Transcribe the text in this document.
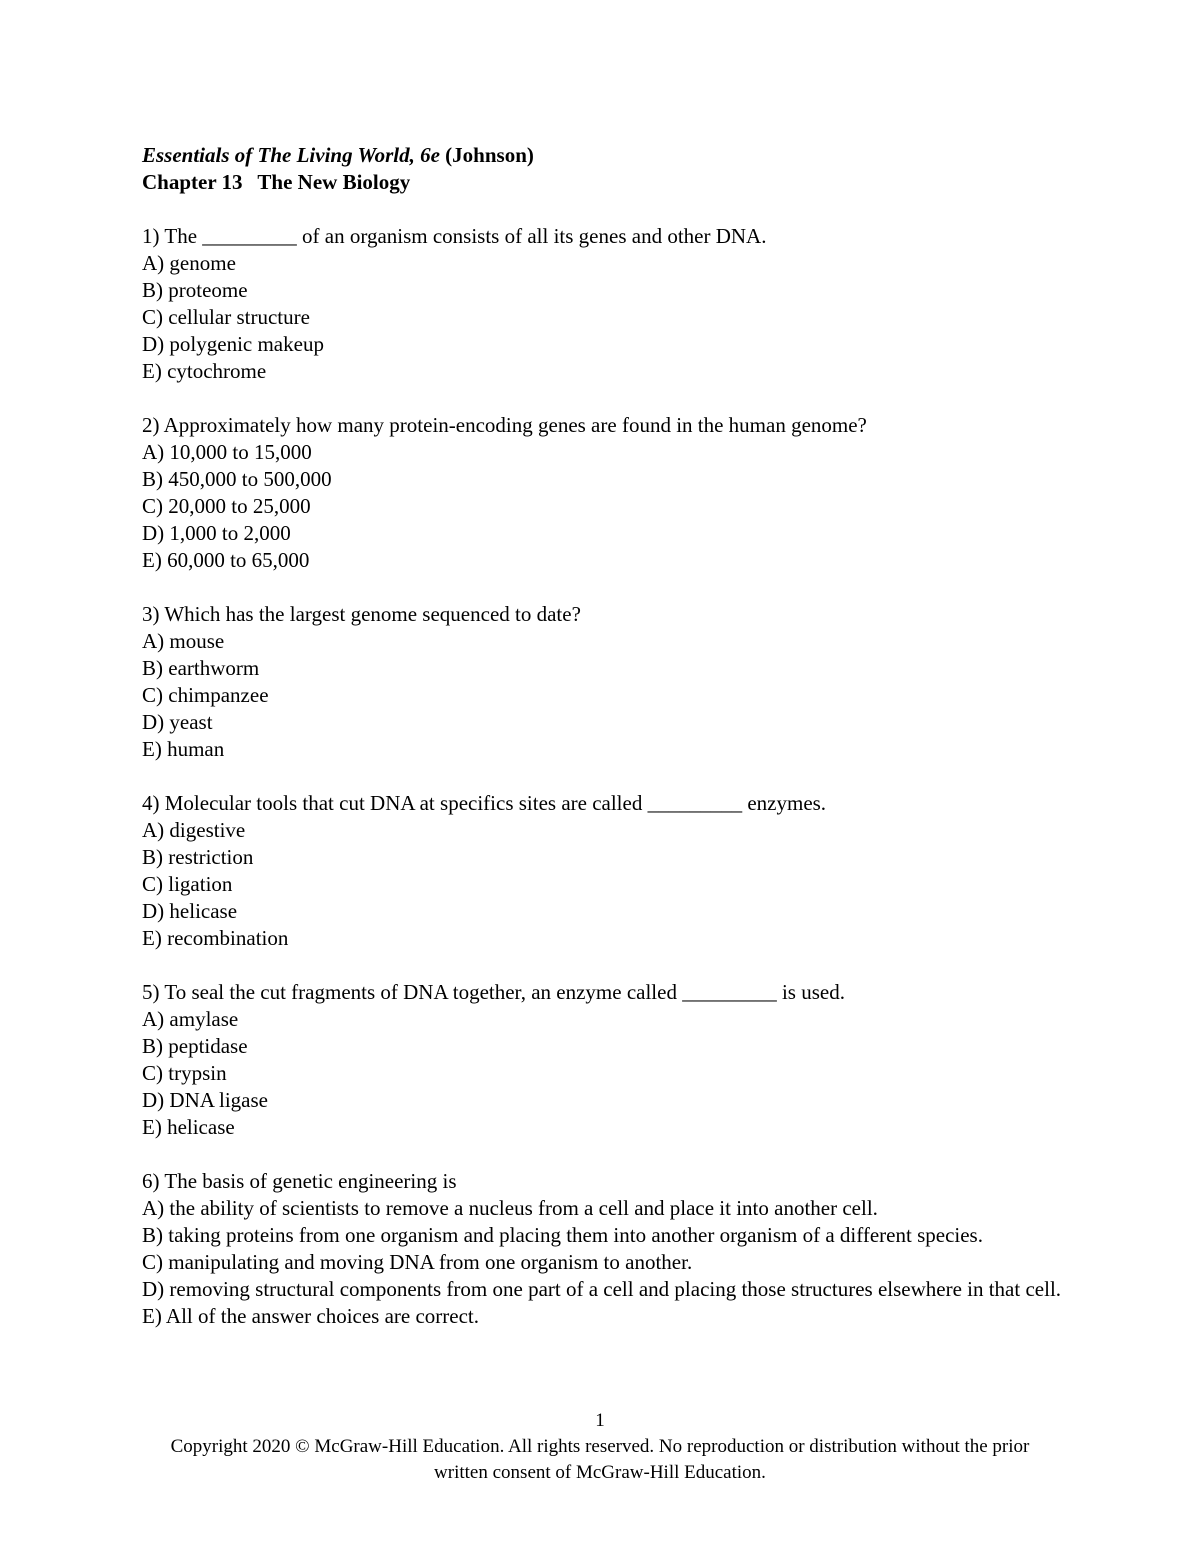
Essentials of The Living World, 6e (Johnson)
Chapter 13 The New Biology
1) The _________ of an organism consists of all its genes and other DNA.
A) genome
B) proteome
C) cellular structure
D) polygenic makeup
E) cytochrome
2) Approximately how many protein-encoding genes are found in the human genome?
A) 10,000 to 15,000
B) 450,000 to 500,000
C) 20,000 to 25,000
D) 1,000 to 2,000
E) 60,000 to 65,000
3) Which has the largest genome sequenced to date?
A) mouse
B) earthworm
C) chimpanzee
D) yeast
E) human
4) Molecular tools that cut DNA at specifics sites are called _________ enzymes.
A) digestive
B) restriction
C) ligation
D) helicase
E) recombination
5) To seal the cut fragments of DNA together, an enzyme called _________ is used.
A) amylase
B) peptidase
C) trypsin
D) DNA ligase
E) helicase
6) The basis of genetic engineering is
A) the ability of scientists to remove a nucleus from a cell and place it into another cell.
B) taking proteins from one organism and placing them into another organism of a different species.
C) manipulating and moving DNA from one organism to another.
D) removing structural components from one part of a cell and placing those structures elsewhere in that cell.
E) All of the answer choices are correct.
1
Copyright 2020 © McGraw-Hill Education. All rights reserved. No reproduction or distribution without the prior written consent of McGraw-Hill Education.
